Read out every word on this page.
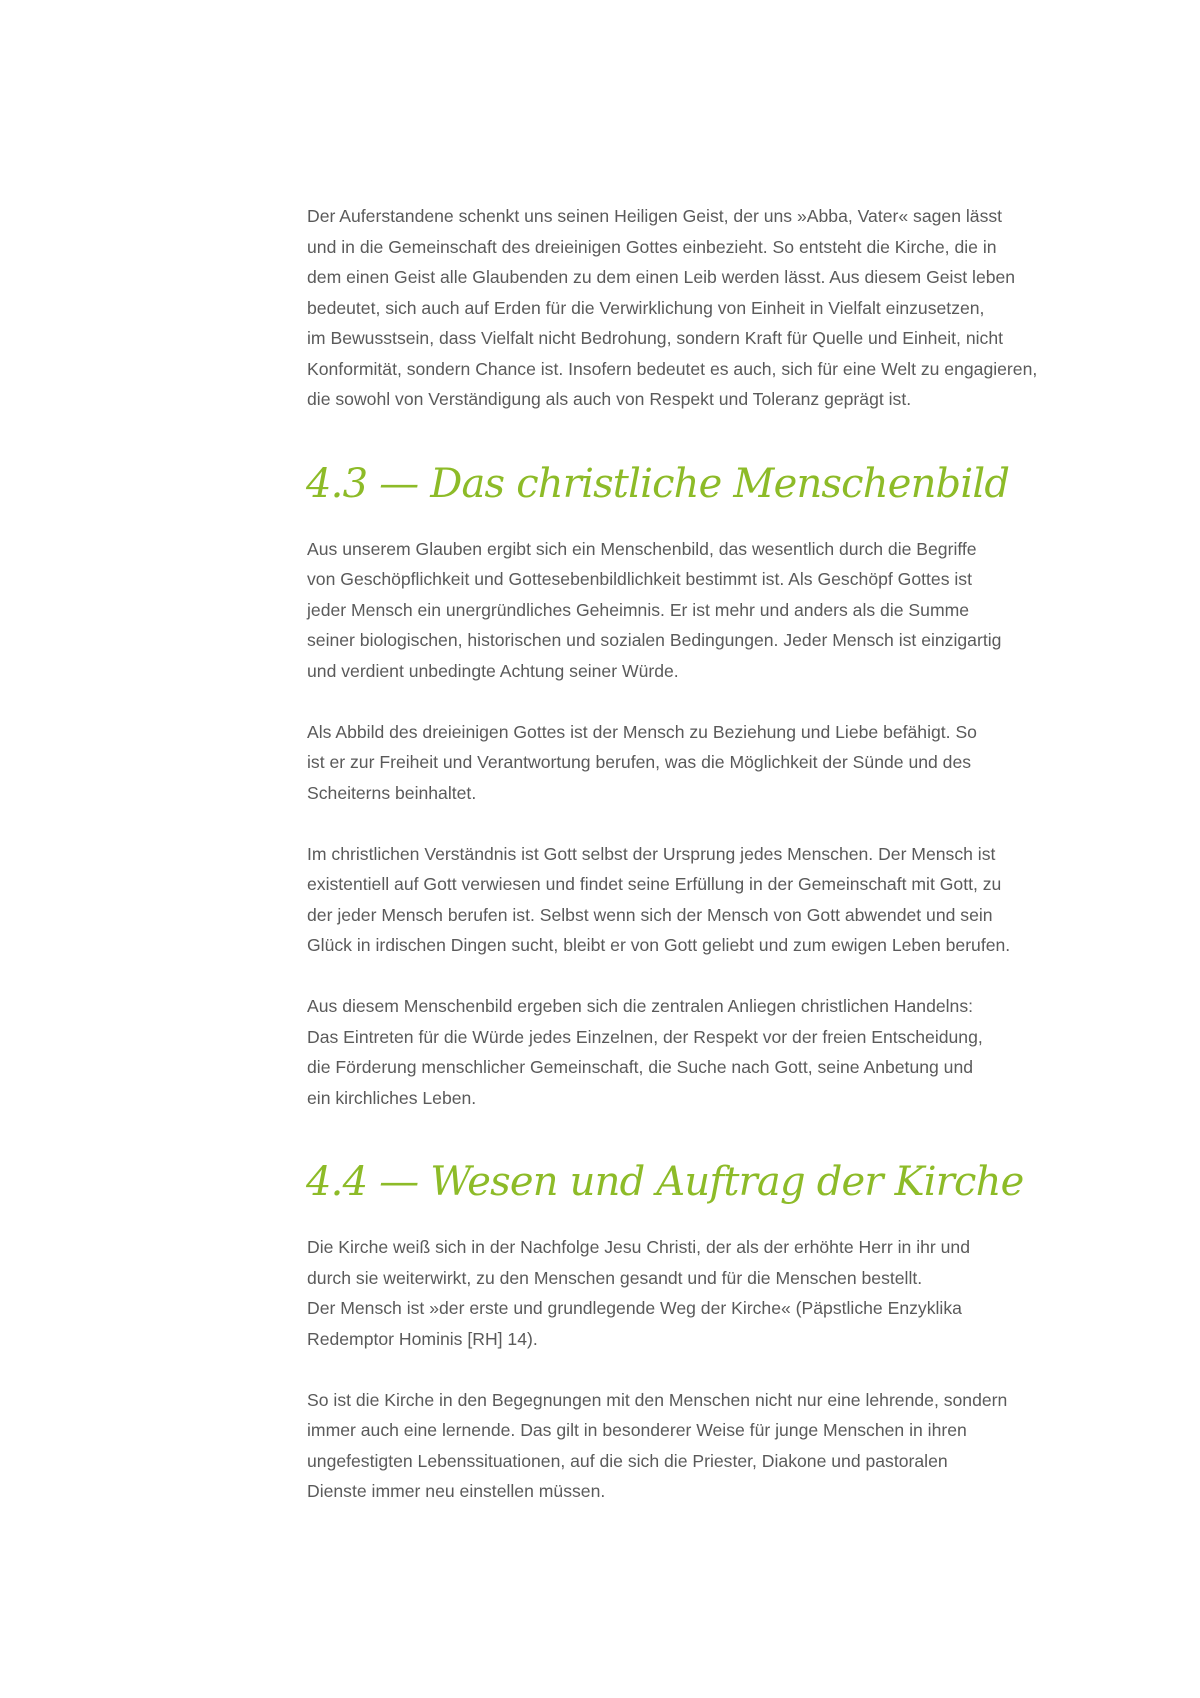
Der Auferstandene schenkt uns seinen Heiligen Geist, der uns »Abba, Vater« sagen lässt
und in die Gemeinschaft des dreieinigen Gottes einbezieht. So entsteht die Kirche, die in
dem einen Geist alle Glaubenden zu dem einen Leib werden lässt. Aus diesem Geist leben
bedeutet, sich auch auf Erden für die Verwirklichung von Einheit in Vielfalt einzusetzen,
im Bewusstsein, dass Vielfalt nicht Bedrohung, sondern Kraft für Quelle und Einheit, nicht
Konformität, sondern Chance ist. Insofern bedeutet es auch, sich für eine Welt zu engagieren,
die sowohl von Verständigung als auch von Respekt und Toleranz geprägt ist.

4.3 — Das christliche Menschenbild

Aus unserem Glauben ergibt sich ein Menschenbild, das wesentlich durch die Begriffe
von Geschöpflichkeit und Gottesebenbildlichkeit bestimmt ist. Als Geschöpf Gottes ist
jeder Mensch ein unergründliches Geheimnis. Er ist mehr und anders als die Summe
seiner biologischen, historischen und sozialen Bedingungen. Jeder Mensch ist einzigartig
und verdient unbedingte Achtung seiner Würde.

Als Abbild des dreieinigen Gottes ist der Mensch zu Beziehung und Liebe befähigt. So
ist er zur Freiheit und Verantwortung berufen, was die Möglichkeit der Sünde und des
Scheiterns beinhaltet.

Im christlichen Verständnis ist Gott selbst der Ursprung jedes Menschen. Der Mensch ist
existentiell auf Gott verwiesen und findet seine Erfüllung in der Gemeinschaft mit Gott, zu
der jeder Mensch berufen ist. Selbst wenn sich der Mensch von Gott abwendet und sein
Glück in irdischen Dingen sucht, bleibt er von Gott geliebt und zum ewigen Leben berufen.

Aus diesem Menschenbild ergeben sich die zentralen Anliegen christlichen Handelns:
Das Eintreten für die Würde jedes Einzelnen, der Respekt vor der freien Entscheidung,
die Förderung menschlicher Gemeinschaft, die Suche nach Gott, seine Anbetung und
ein kirchliches Leben.

4.4 — Wesen und Auftrag der Kirche

Die Kirche weiß sich in der Nachfolge Jesu Christi, der als der erhöhte Herr in ihr und
durch sie weiterwirkt, zu den Menschen gesandt und für die Menschen bestellt.
Der Mensch ist »der erste und grundlegende Weg der Kirche« (Päpstliche Enzyklika
Redemptor Hominis [RH] 14).

So ist die Kirche in den Begegnungen mit den Menschen nicht nur eine lehrende, sondern
immer auch eine lernende. Das gilt in besonderer Weise für junge Menschen in ihren
ungefestigten Lebenssituationen, auf die sich die Priester, Diakone und pastoralen
Dienste immer neu einstellen müssen.
